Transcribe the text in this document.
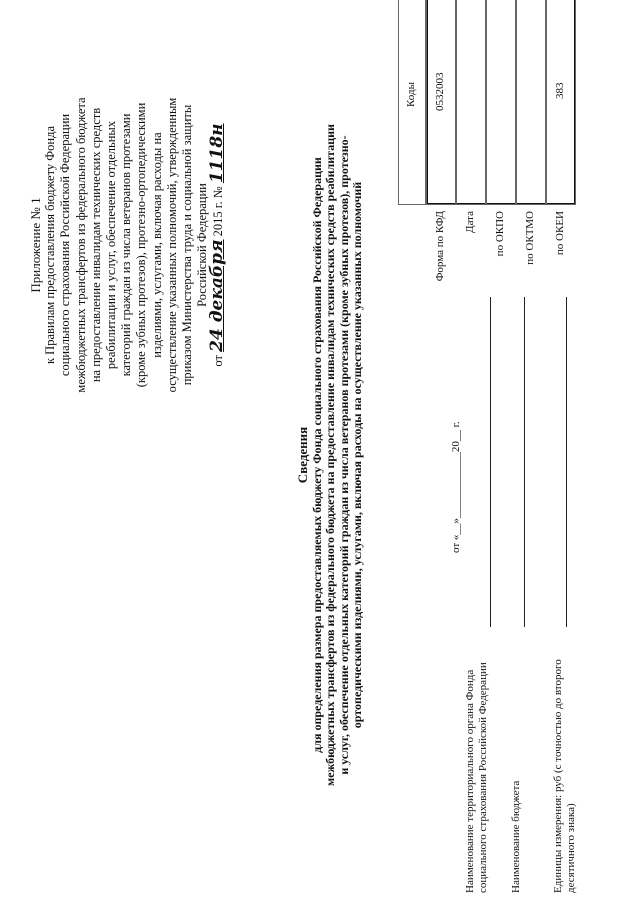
Приложение № 1 к Правилам предоставления бюджету Фонда социального страхования Российской Федерации межбюджетных трансфертов из федерального бюджета на предоставление инвалидам технических средств реабилитации и услуг, обеспечение отдельных категорий граждан из числа ветеранов протезами (кроме зубных протезов), протезно-ортопедическими изделиями, услугами, включая расходы на осуществление указанных полномочий, утвержденным приказом Министерства труда и социальной защиты Российской Федерации
от 24 декабря 2015 г. № 1118н
Сведения для определения размера предоставляемых бюджету Фонда социального страхования Российской Федерации межбюджетных трансфертов из федерального бюджета на предоставление инвалидам технических средств реабилитации и услуг, обеспечение отдельных категорий граждан из числа ветеранов протезами (кроме зубных протезов), протезно- ортопедическими изделиями, услугами, включая расходы на осуществление указанных полномочий	от «__»____________20__ г.
Наименование территориального органа Фонда социального страхования Российской Федерации Наименование бюджета	Единицы измерения: руб (с точностью до второго десятичного знака)
Коды
Форма по КФД
0532003
Дата по ОКПО по ОКТМО по ОКЕИ
383
